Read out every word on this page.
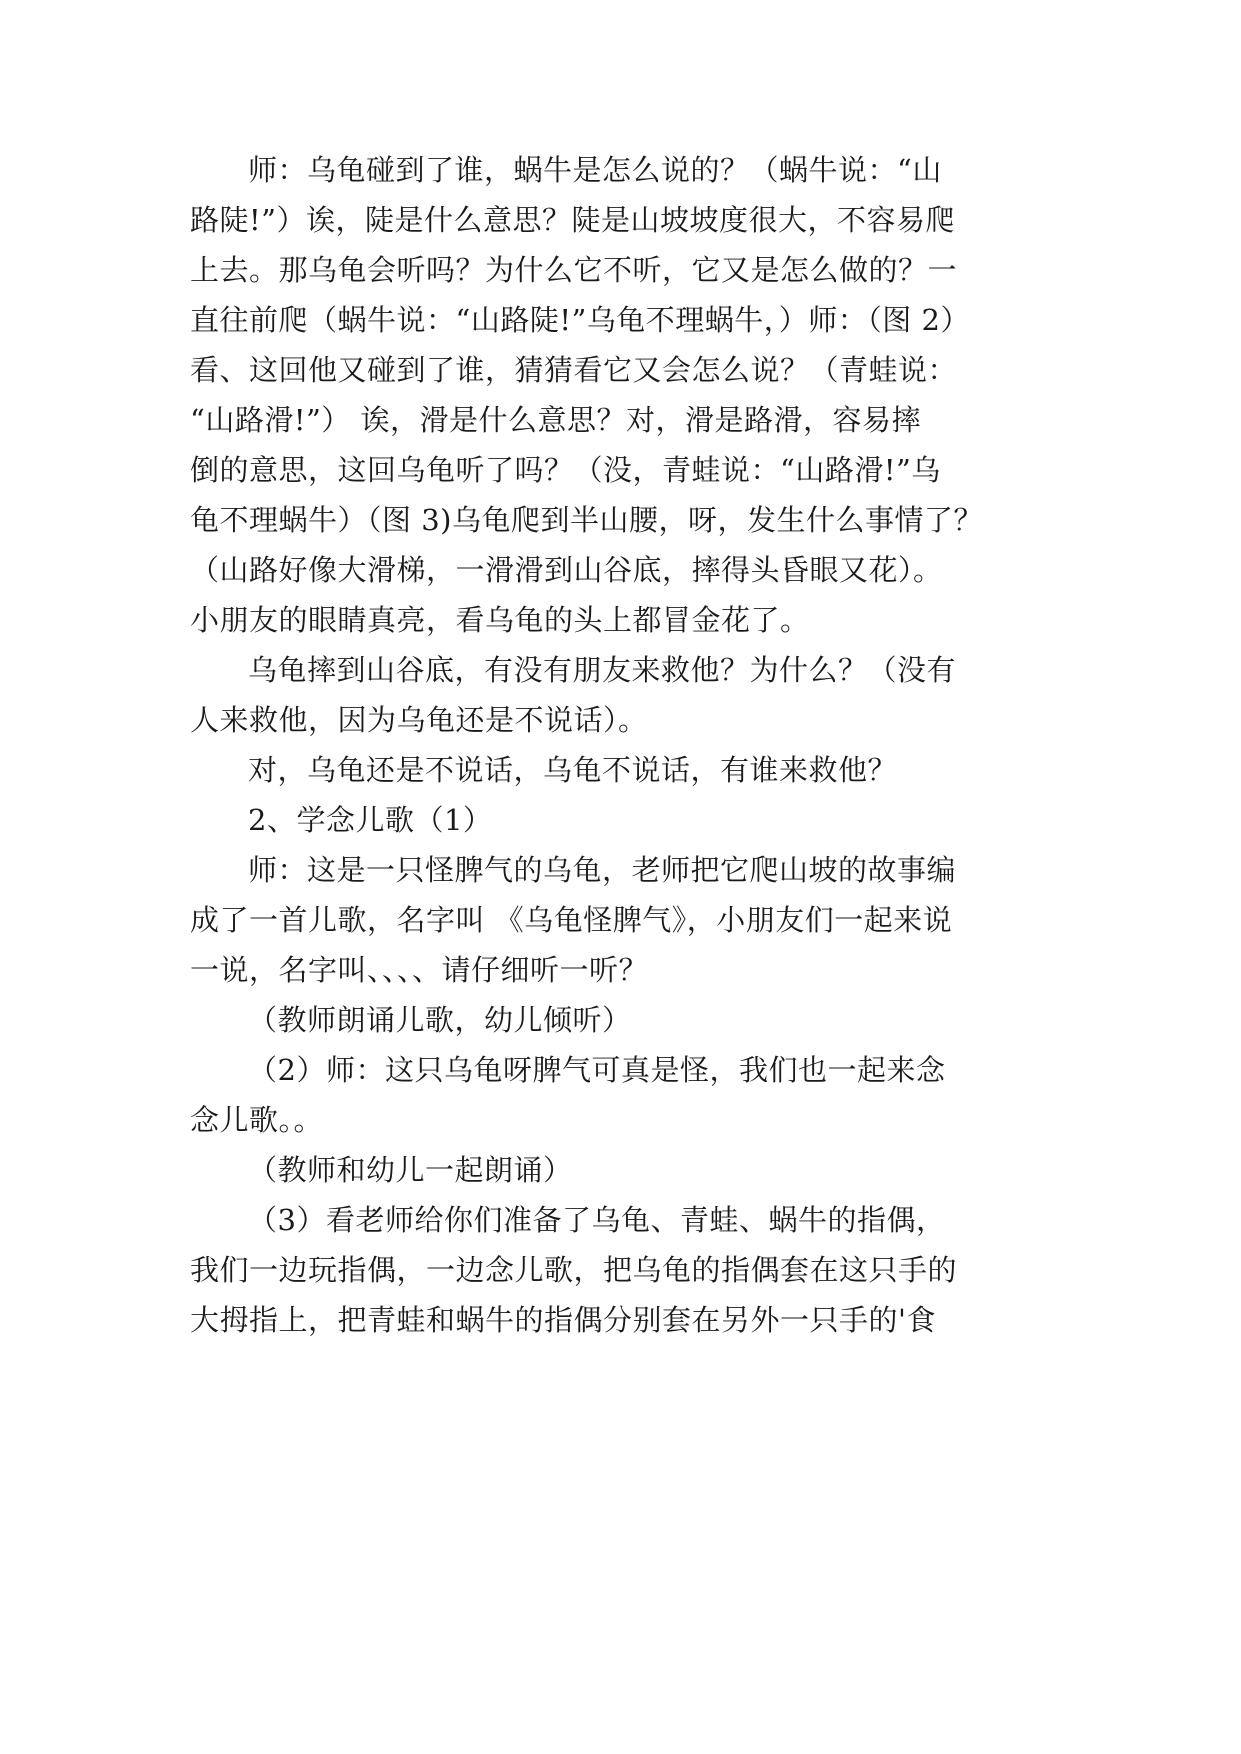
师：乌龟碰到了谁，蜗牛是怎么说的？（蜗牛说：“山
路陡!”）诶，陡是什么意思？陡是山坡坡度很大，不容易爬
上去。那乌龟会听吗？为什么它不听，它又是怎么做的？一
直往前爬（蜗牛说：“山路陡!”乌龟不理蜗牛，）师：（图 2）
看、这回他又碰到了谁，猜猜看它又会怎么说？（青蛙说：
“山路滑!”） 诶，滑是什么意思？对，滑是路滑，容易摔
倒的意思，这回乌龟听了吗？（没，青蛙说：“山路滑!”乌
龟不理蜗牛）（图 3)乌龟爬到半山腰，呀，发生什么事情了？
（山路好像大滑梯，一滑滑到山谷底，摔得头昏眼又花）。
小朋友的眼睛真亮，看乌龟的头上都冒金花了。
乌龟摔到山谷底，有没有朋友来救他？为什么？（没有
人来救他，因为乌龟还是不说话）。
对，乌龟还是不说话，乌龟不说话，有谁来救他？
2、学念儿歌（1）
师：这是一只怪脾气的乌龟，老师把它爬山坡的故事编
成了一首儿歌，名字叫 《乌龟怪脾气》，小朋友们一起来说
一说，名字叫、、、、请仔细听一听？
（教师朗诵儿歌，幼儿倾听）
（2）师：这只乌龟呀脾气可真是怪，我们也一起来念
念儿歌。。
（教师和幼儿一起朗诵）
（3）看老师给你们准备了乌龟、青蛙、蜗牛的指偶，
我们一边玩指偶，一边念儿歌，把乌龟的指偶套在这只手的
大拇指上，把青蛙和蜗牛的指偶分别套在另外一只手的'食
